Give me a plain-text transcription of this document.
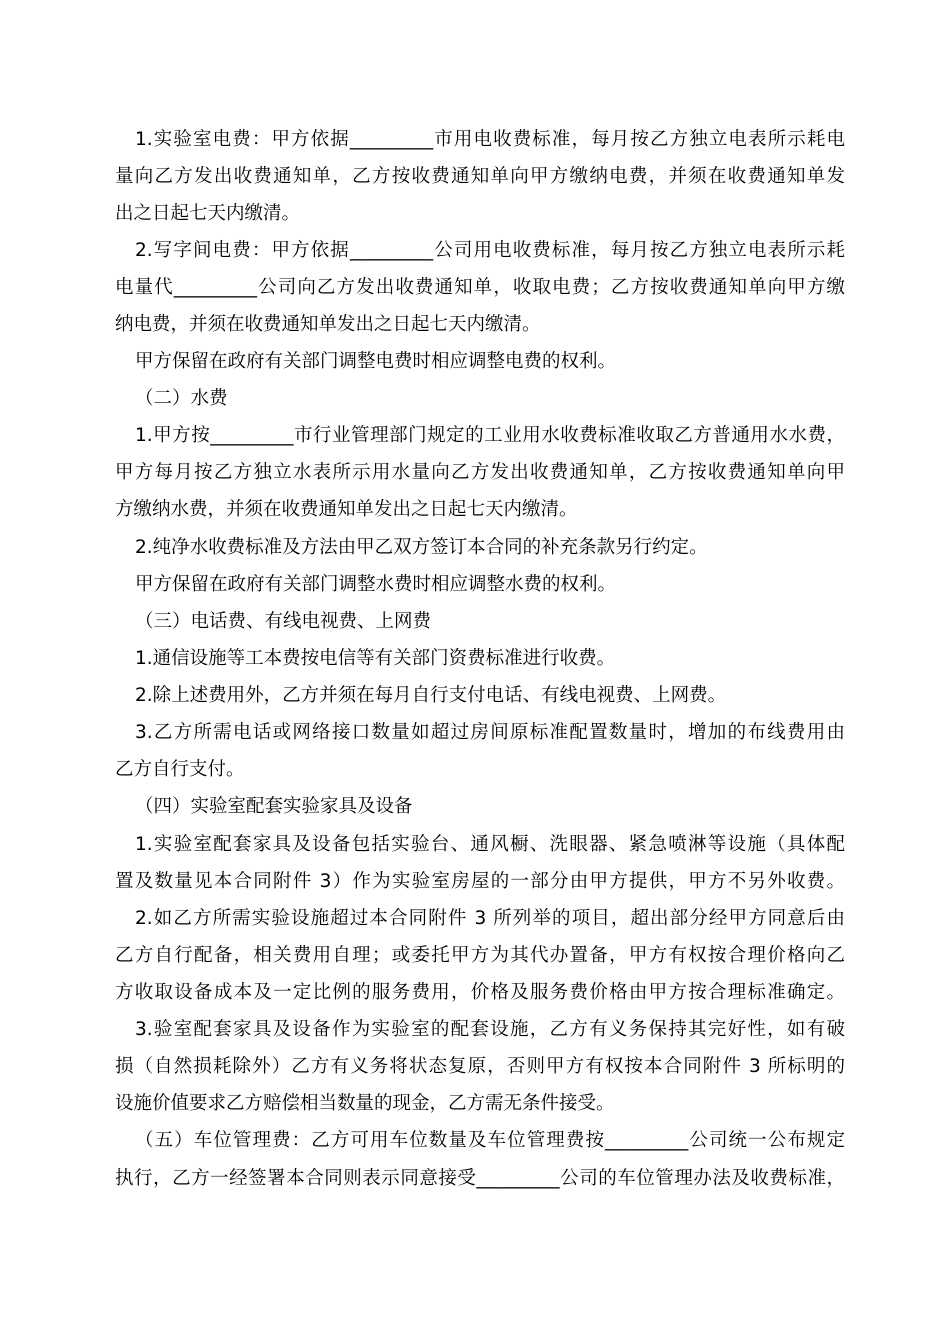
1.实验室电费：甲方依据_________市用电收费标准，每月按乙方独立电表所示耗电
量向乙方发出收费通知单，乙方按收费通知单向甲方缴纳电费，并须在收费通知单发
出之日起七天内缴清。
2.写字间电费：甲方依据_________公司用电收费标准，每月按乙方独立电表所示耗
电量代_________公司向乙方发出收费通知单，收取电费；乙方按收费通知单向甲方缴
纳电费，并须在收费通知单发出之日起七天内缴清。
甲方保留在政府有关部门调整电费时相应调整电费的权利。
（二）水费
1.甲方按_________市行业管理部门规定的工业用水收费标准收取乙方普通用水水费，
甲方每月按乙方独立水表所示用水量向乙方发出收费通知单，乙方按收费通知单向甲
方缴纳水费，并须在收费通知单发出之日起七天内缴清。
2.纯净水收费标准及方法由甲乙双方签订本合同的补充条款另行约定。
甲方保留在政府有关部门调整水费时相应调整水费的权利。
（三）电话费、有线电视费、上网费
1.通信设施等工本费按电信等有关部门资费标准进行收费。
2.除上述费用外，乙方并须在每月自行支付电话、有线电视费、上网费。
3.乙方所需电话或网络接口数量如超过房间原标准配置数量时，增加的布线费用由
乙方自行支付。
（四）实验室配套实验家具及设备
1.实验室配套家具及设备包括实验台、通风橱、洗眼器、紧急喷淋等设施（具体配
置及数量见本合同附件 3）作为实验室房屋的一部分由甲方提供，甲方不另外收费。
2.如乙方所需实验设施超过本合同附件 3 所列举的项目，超出部分经甲方同意后由
乙方自行配备，相关费用自理；或委托甲方为其代办置备，甲方有权按合理价格向乙
方收取设备成本及一定比例的服务费用，价格及服务费价格由甲方按合理标准确定。
3.验室配套家具及设备作为实验室的配套设施，乙方有义务保持其完好性，如有破
损（自然损耗除外）乙方有义务将状态复原，否则甲方有权按本合同附件 3 所标明的
设施价值要求乙方赔偿相当数量的现金，乙方需无条件接受。
（五）车位管理费：乙方可用车位数量及车位管理费按_________公司统一公布规定
执行，乙方一经签署本合同则表示同意接受_________公司的车位管理办法及收费标准，
